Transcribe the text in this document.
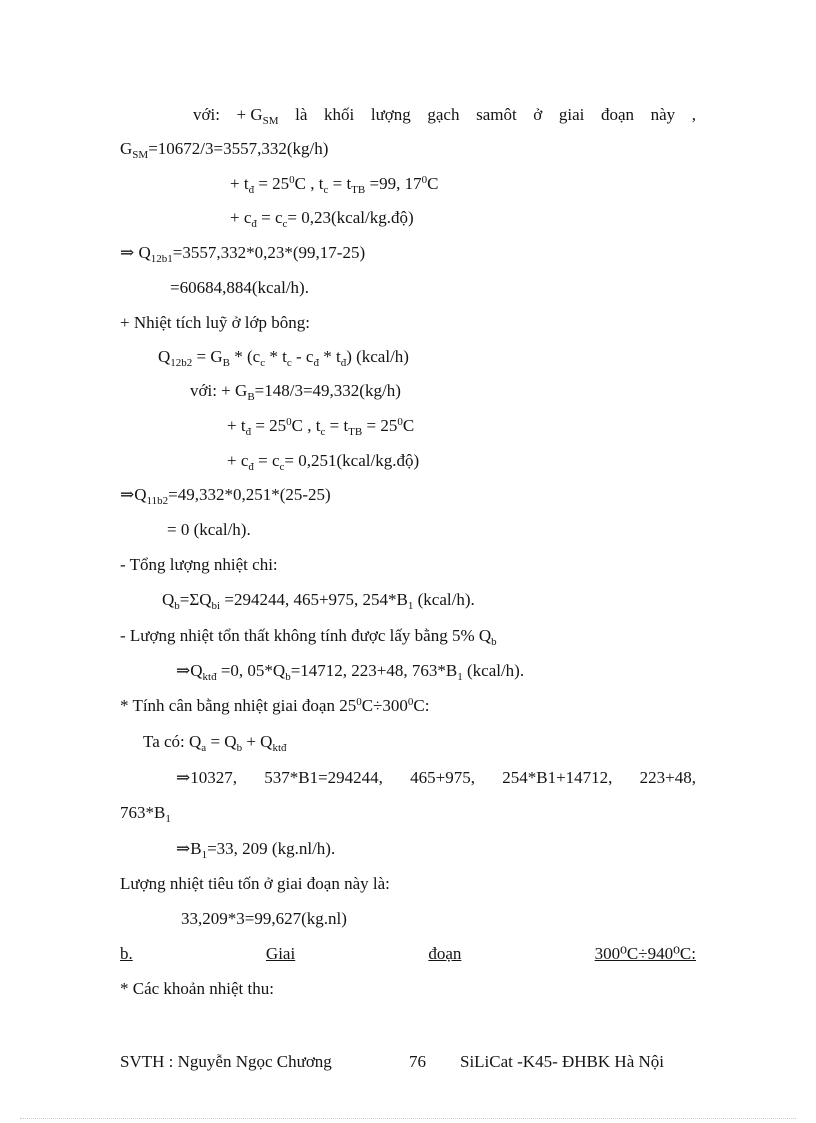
với: + $G_{SM}$ là khối lượng gạch samôt ở giai đoạn này ,
$G_{SM}=10672/3=3557,332(kg/h)$
+ $t_đ = 25^0C$ , $t_c = t_{TB} =99$, $17^0C$
+ $c_đ = c_c=$ 0,23(kcal/kg.độ)
⇒ $Q_{12b1}=3557,332*0,23*(99,17-25)$
=60684,884(kcal/h).
+ Nhiệt tích luỹ ở lớp bông:
$Q_{12b2} = G_B * (c_c * t_c - c_đ * t_đ)$ (kcal/h)
với: + $G_B=148/3=49,332(kg/h)$
+ $t_đ = 25^0C$ , $t_c = t_{TB} = 25^0C$
+ $c_đ = c_c=$ 0,251(kcal/kg.độ)
$\Rightarrow Q_{11b2}=49,332*0,251*(25-25)$
= 0 (kcal/h).
- Tổng lượng nhiệt chi:
$Q_b=\Sigma Q_{bi} =294244$, 465+975, $254*B_1$ (kcal/h).
- Lượng nhiệt tổn thất không tính được lấy bằng 5% $Q_b$
$\Rightarrow Q_{ktđ} =0$, $05*Q_b=14712$, 223+48, $763*B_1$ (kcal/h).
* Tính cân bằng nhiệt giai đoạn $25^0C\div 300^0C$:
Ta có: $Q_a = Q_b + Q_{ktđ}$
⇒10327, 537*B1=294244, 465+975, 254*B1+14712, 223+48,
$763*B_1$
$\Rightarrow B_1=33$, 209 (kg.nl/h).
Lượng nhiệt tiêu tốn ở giai đoạn này là:
33,209*3=99,627(kg.nl)
b.	Giai	đoạn	300⁰C÷940⁰C:
* Các khoản nhiệt thu:
SVTH : Nguyễn Ngọc Chương	76 SiLiCat -K45- ĐHBK Hà Nội
